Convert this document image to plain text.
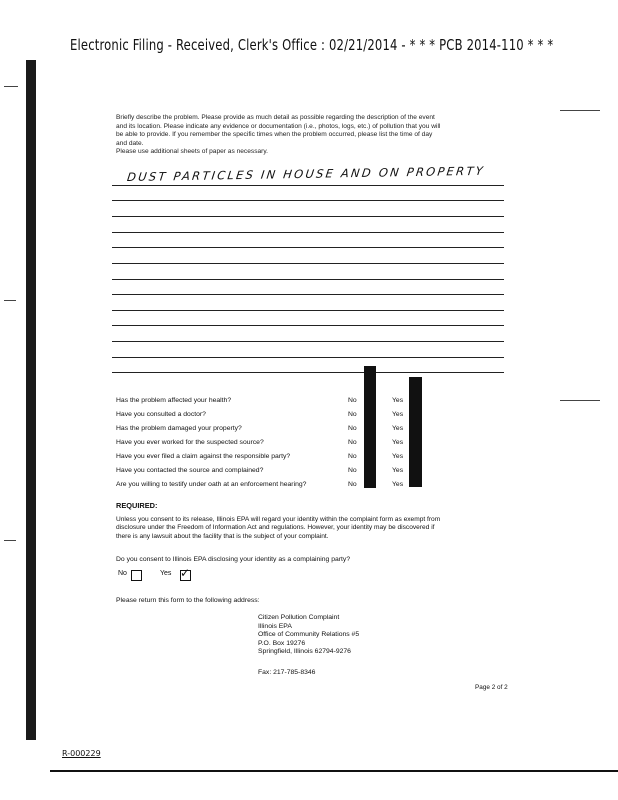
Electronic Filing - Received, Clerk's Office : 02/21/2014 - * * * PCB 2014-110 * * *

Briefly describe the problem. Please provide as much detail as possible regarding the description of the event

and its location. Please indicate any evidence or documentation (i.e., photos, logs, etc.) of pollution that you will

be able to provide. If you remember the specific times when the problem occurred, please list the time of day

and date.

Please use additional sheets of paper as necessary.

DUST PARTICLES IN HOUSE AND ON PROPERTY
Has the problem affected your health?	No	Yes
Have you consulted a doctor?	No	Yes
Has the problem damaged your property?	No	Yes
Have you ever worked for the suspected source?	No	Yes
Have you ever filed a claim against the responsible party?	No	Yes
Have you contacted the source and complained?	No	Yes
Are you willing to testify under oath at an enforcement hearing?	No	Yes
REQUIRED:

Unless you consent to its release, Illinois EPA will regard your identity within the complaint form as exempt from

disclosure under the Freedom of Information Act and regulations. However, your identity may be discovered if

there is any lawsuit about the facility that is the subject of your complaint.

Do you consent to Illinois EPA disclosing your identity as a complaining party?
No	Yes ✓
Please return this form to the following address:
Citizen Pollution Complaint
Illinois EPA
Office of Community Relations #5
P.O. Box 19276
Springfield, Illinois 62794-9276
Fax: 217-785-8346
Page 2 of 2
R-000229
